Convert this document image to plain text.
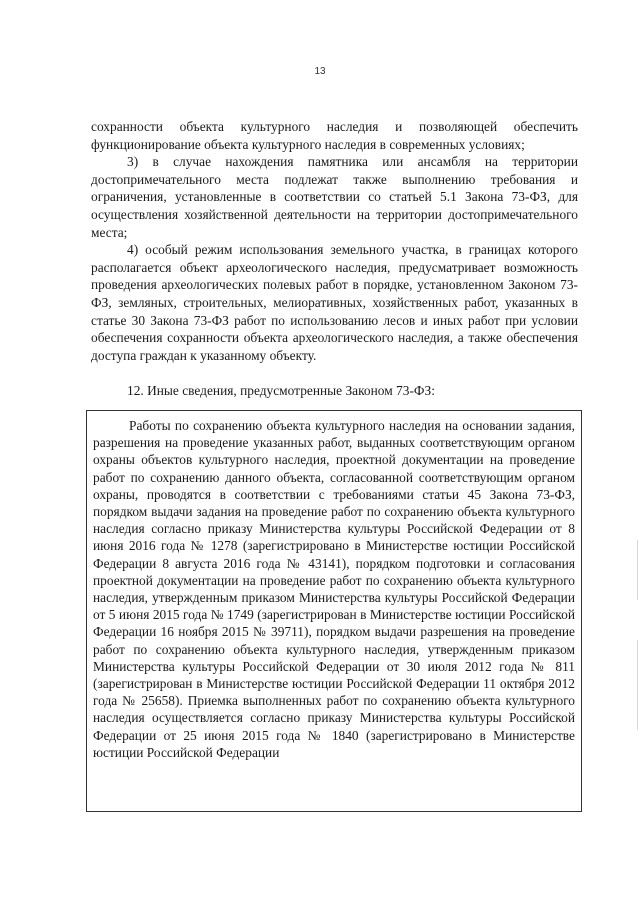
13

сохранности объекта культурного наследия и позволяющей обеспечить функционирование объекта культурного наследия в современных условиях;

3) в случае нахождения памятника или ансамбля на территории достопримечательного места подлежат также выполнению требования и ограничения, установленные в соответствии со статьей 5.1 Закона 73-ФЗ, для осуществления хозяйственной деятельности на территории достопримечательного места;

4) особый режим использования земельного участка, в границах которого располагается объект археологического наследия, предусматривает возможность проведения археологических полевых работ в порядке, установленном Законом 73-ФЗ, земляных, строительных, мелиоративных, хозяйственных работ, указанных в статье 30 Закона 73-ФЗ работ по использованию лесов и иных работ при условии обеспечения сохранности объекта археологического наследия, а также обеспечения доступа граждан к указанному объекту.

12. Иные сведения, предусмотренные Законом 73-ФЗ:

Работы по сохранению объекта культурного наследия на основании задания, разрешения на проведение указанных работ, выданных соответствующим органом охраны объектов культурного наследия, проектной документации на проведение работ по сохранению данного объекта, согласованной соответствующим органом охраны, проводятся в соответствии с требованиями статьи 45 Закона 73-ФЗ, порядком выдачи задания на проведение работ по сохранению объекта культурного наследия согласно приказу Министерства культуры Российской Федерации от 8 июня 2016 года № 1278 (зарегистрировано в Министерстве юстиции Российской Федерации 8 августа 2016 года № 43141), порядком подготовки и согласования проектной документации на проведение работ по сохранению объекта культурного наследия, утвержденным приказом Министерства культуры Российской Федерации от 5 июня 2015 года № 1749 (зарегистрирован в Министерстве юстиции Российской Федерации 16 ноября 2015 № 39711), порядком выдачи разрешения на проведение работ по сохранению объекта культурного наследия, утвержденным приказом Министерства культуры Российской Федерации от 30 июля 2012 года № 811 (зарегистрирован в Министерстве юстиции Российской Федерации 11 октября 2012 года № 25658). Приемка выполненных работ по сохранению объекта культурного наследия осуществляется согласно приказу Министерства культуры Российской Федерации от 25 июня 2015 года № 1840 (зарегистрировано в Министерстве юстиции Российской Федерации
